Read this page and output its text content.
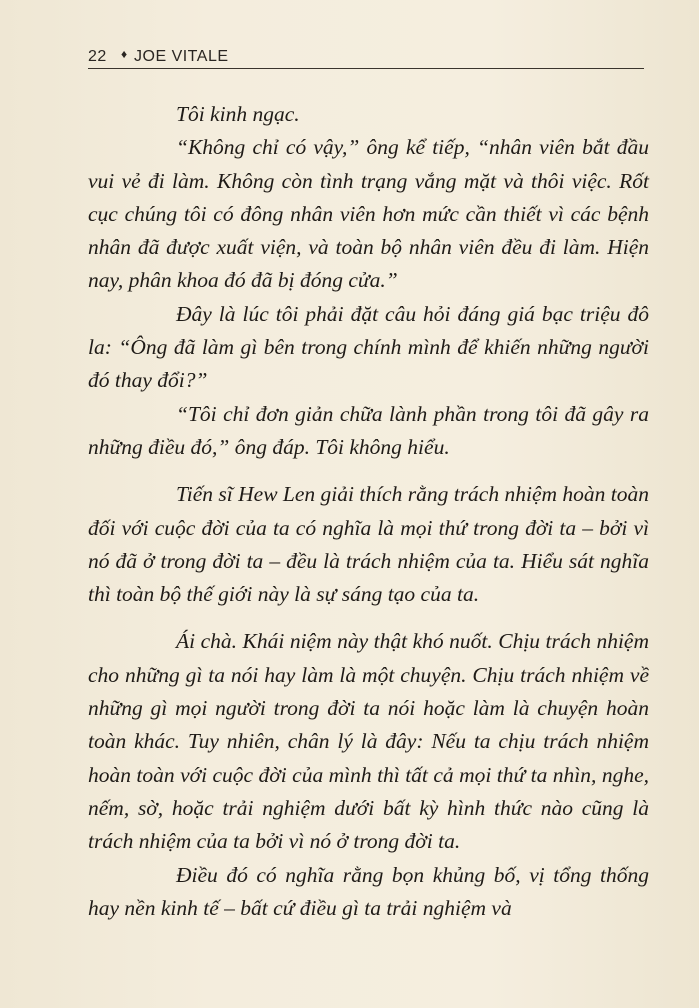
22 ♦ JOE VITALE

Tôi kinh ngạc.

“Không chỉ có vậy,” ông kể tiếp, “nhân viên bắt đầu vui vẻ đi làm. Không còn tình trạng vắng mặt và thôi việc. Rốt cục chúng tôi có đông nhân viên hơn mức cần thiết vì các bệnh nhân đã được xuất viện, và toàn bộ nhân viên đều đi làm. Hiện nay, phân khoa đó đã bị đóng cửa.”

Đây là lúc tôi phải đặt câu hỏi đáng giá bạc triệu đô la: “Ông đã làm gì bên trong chính mình để khiến những người đó thay đổi?”

“Tôi chỉ đơn giản chữa lành phần trong tôi đã gây ra những điều đó,” ông đáp. Tôi không hiểu.

Tiến sĩ Hew Len giải thích rằng trách nhiệm hoàn toàn đối với cuộc đời của ta có nghĩa là mọi thứ trong đời ta – bởi vì nó đã ở trong đời ta – đều là trách nhiệm của ta. Hiểu sát nghĩa thì toàn bộ thế giới này là sự sáng tạo của ta.

Ái chà. Khái niệm này thật khó nuốt. Chịu trách nhiệm cho những gì ta nói hay làm là một chuyện. Chịu trách nhiệm về những gì mọi người trong đời ta nói hoặc làm là chuyện hoàn toàn khác. Tuy nhiên, chân lý là đây: Nếu ta chịu trách nhiệm hoàn toàn với cuộc đời của mình thì tất cả mọi thứ ta nhìn, nghe, nếm, sờ, hoặc trải nghiệm dưới bất kỳ hình thức nào cũng là trách nhiệm của ta bởi vì nó ở trong đời ta.

Điều đó có nghĩa rằng bọn khủng bố, vị tổng thống hay nền kinh tế – bất cứ điều gì ta trải nghiệm và
